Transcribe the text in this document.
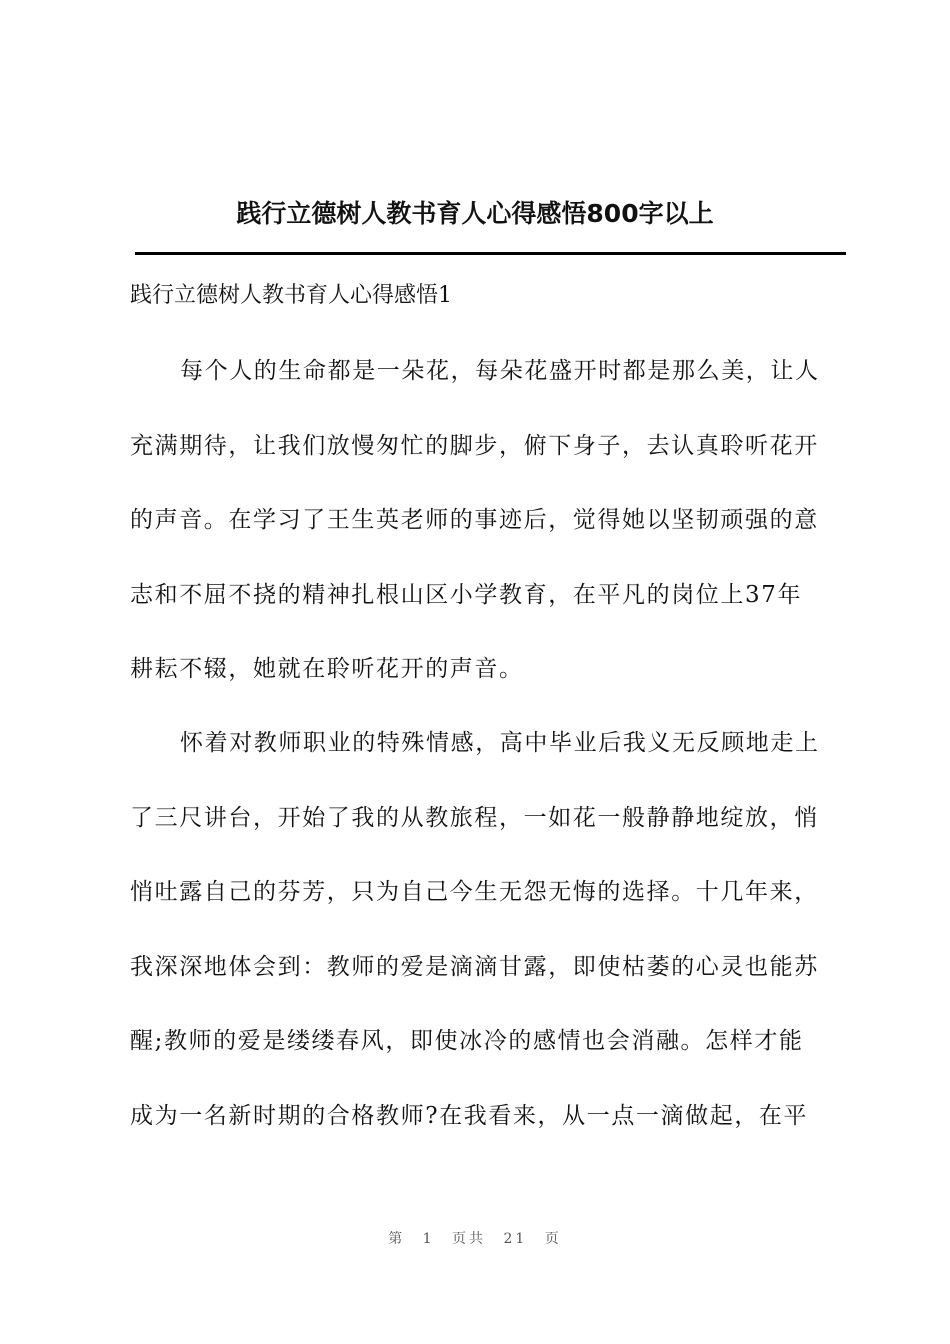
践行立德树人教书育人心得感悟800字以上

践行立德树人教书育人心得感悟1

每个人的生命都是一朵花，每朵花盛开时都是那么美，让人
充满期待，让我们放慢匆忙的脚步，俯下身子，去认真聆听花开
的声音。在学习了王生英老师的事迹后，觉得她以坚韧顽强的意
志和不屈不挠的精神扎根山区小学教育，在平凡的岗位上37年
耕耘不辍，她就在聆听花开的声音。
怀着对教师职业的特殊情感，高中毕业后我义无反顾地走上
了三尺讲台，开始了我的从教旅程，一如花一般静静地绽放，悄
悄吐露自己的芬芳，只为自己今生无怨无悔的选择。十几年来，
我深深地体会到：教师的爱是滴滴甘露，即使枯萎的心灵也能苏
醒;教师的爱是缕缕春风，即使冰冷的感情也会消融。怎样才能
成为一名新时期的合格教师?在我看来，从一点一滴做起，在平
第 1 页共 21 页
